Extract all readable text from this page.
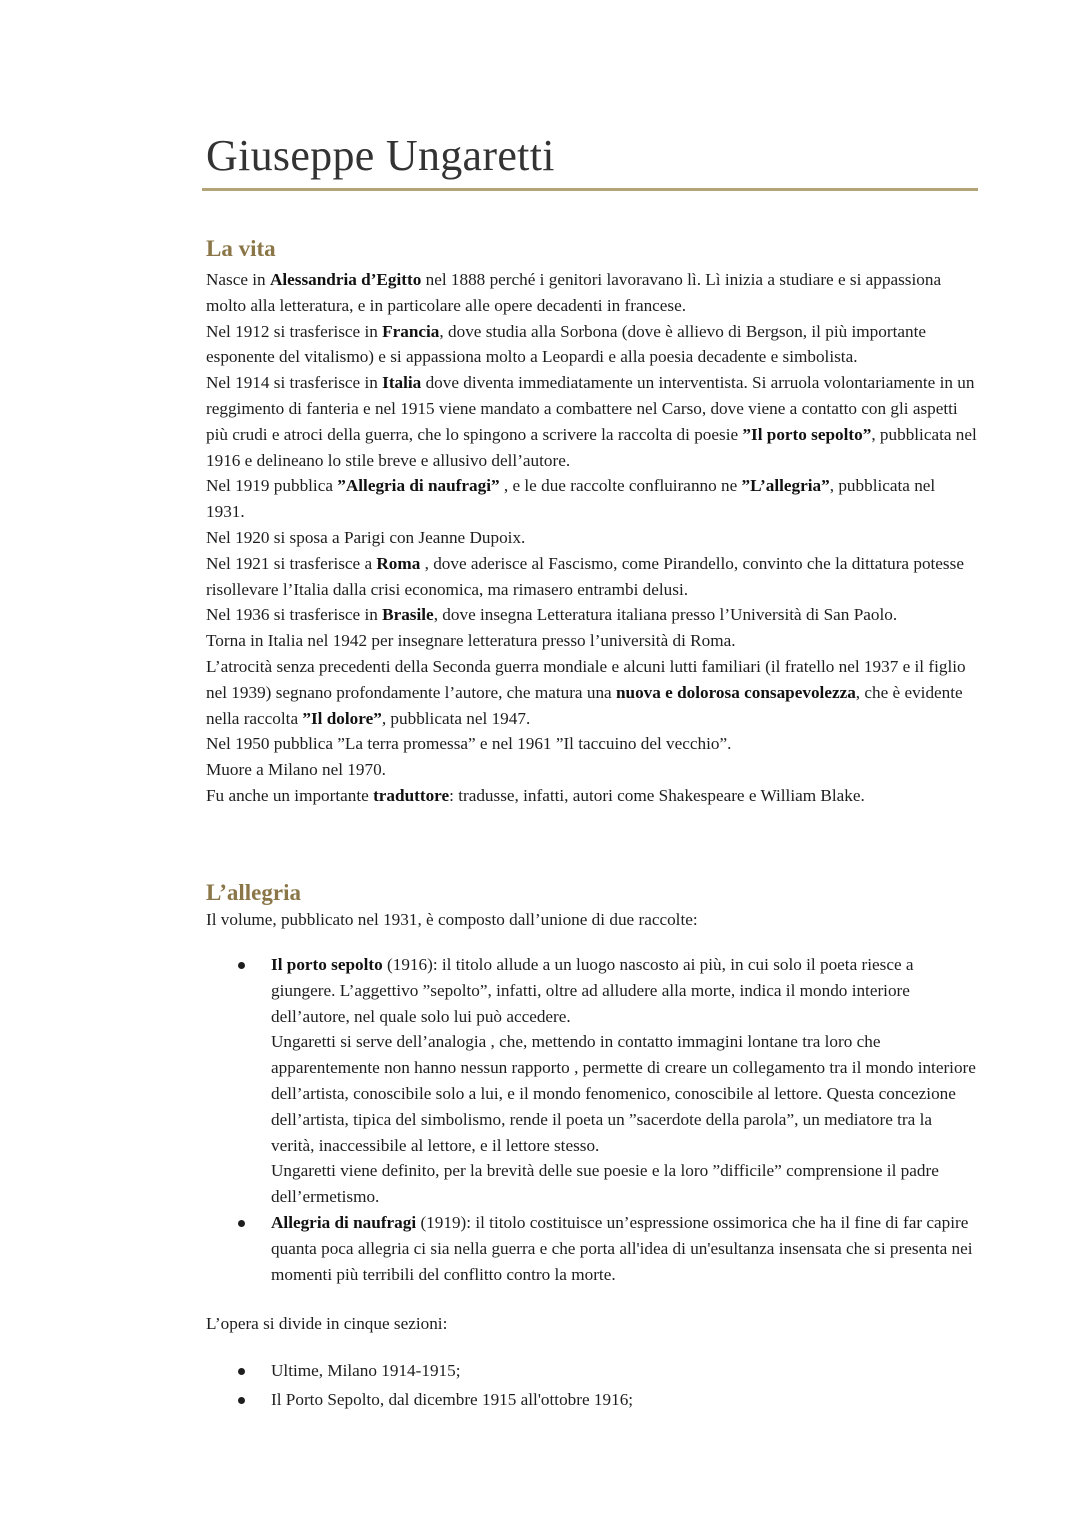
Giuseppe Ungaretti
La vita

Nasce in Alessandria d’Egitto nel 1888 perché i genitori lavoravano lì. Lì inizia a studiare e si appassiona molto alla letteratura, e in particolare alle opere decadenti in francese.

Nel 1912 si trasferisce in Francia, dove studia alla Sorbona (dove è allievo di Bergson, il più importante esponente del vitalismo) e si appassiona molto a Leopardi e alla poesia decadente e simbolista.

Nel 1914 si trasferisce in Italia dove diventa immediatamente un interventista. Si arruola volontariamente in un reggimento di fanteria e nel 1915 viene mandato a combattere nel Carso, dove viene a contatto con gli aspetti più crudi e atroci della guerra, che lo spingono a scrivere la raccolta di poesie ”Il porto sepolto”, pubblicata nel 1916 e delineano lo stile breve e allusivo dell’autore.

Nel 1919 pubblica ”Allegria di naufragi” , e le due raccolte confluiranno ne ”L’allegria”, pubblicata nel 1931.

Nel 1920 si sposa a Parigi con Jeanne Dupoix.

Nel 1921 si trasferisce a Roma , dove aderisce al Fascismo, come Pirandello, convinto che la dittatura potesse risollevare l’Italia dalla crisi economica, ma rimasero entrambi delusi.

Nel 1936 si trasferisce in Brasile, dove insegna Letteratura italiana presso l’Università di San Paolo.

Torna in Italia nel 1942 per insegnare letteratura presso l’università di Roma.

L’atrocità senza precedenti della Seconda guerra mondiale e alcuni lutti familiari (il fratello nel 1937 e il figlio nel 1939) segnano profondamente l’autore, che matura una nuova e dolorosa consapevolezza, che è evidente nella raccolta ”Il dolore”, pubblicata nel 1947.

Nel 1950 pubblica ”La terra promessa” e nel 1961 ”Il taccuino del vecchio”.

Muore a Milano nel 1970.

Fu anche un importante traduttore: tradusse, infatti, autori come Shakespeare e William Blake.

L’allegria

Il volume, pubblicato nel 1931, è composto dall’unione di due raccolte:

Il porto sepolto (1916): il titolo allude a un luogo nascosto ai più, in cui solo il poeta riesce a giungere. L’aggettivo ”sepolto”, infatti, oltre ad alludere alla morte, indica il mondo interiore dell’autore, nel quale solo lui può accedere.
Ungaretti si serve dell’analogia , che, mettendo in contatto immagini lontane tra loro che apparentemente non hanno nessun rapporto , permette di creare un collegamento tra il mondo interiore dell’artista, conoscibile solo a lui, e il mondo fenomenico, conoscibile al lettore. Questa concezione dell’artista, tipica del simbolismo, rende il poeta un ”sacerdote della parola”, un mediatore tra la verità, inaccessibile al lettore, e il lettore stesso.
Ungaretti viene definito, per la brevità delle sue poesie e la loro ”difficile” comprensione il padre dell’ermetismo.
Allegria di naufragi (1919): il titolo costituisce un’espressione ossimorica che ha il fine di far capire quanta poca allegria ci sia nella guerra e che porta all'idea di un'esultanza insensata che si presenta nei momenti più terribili del conflitto contro la morte.

L’opera si divide in cinque sezioni:

Ultime, Milano 1914-1915;
Il Porto Sepolto, dal dicembre 1915 all'ottobre 1916;
